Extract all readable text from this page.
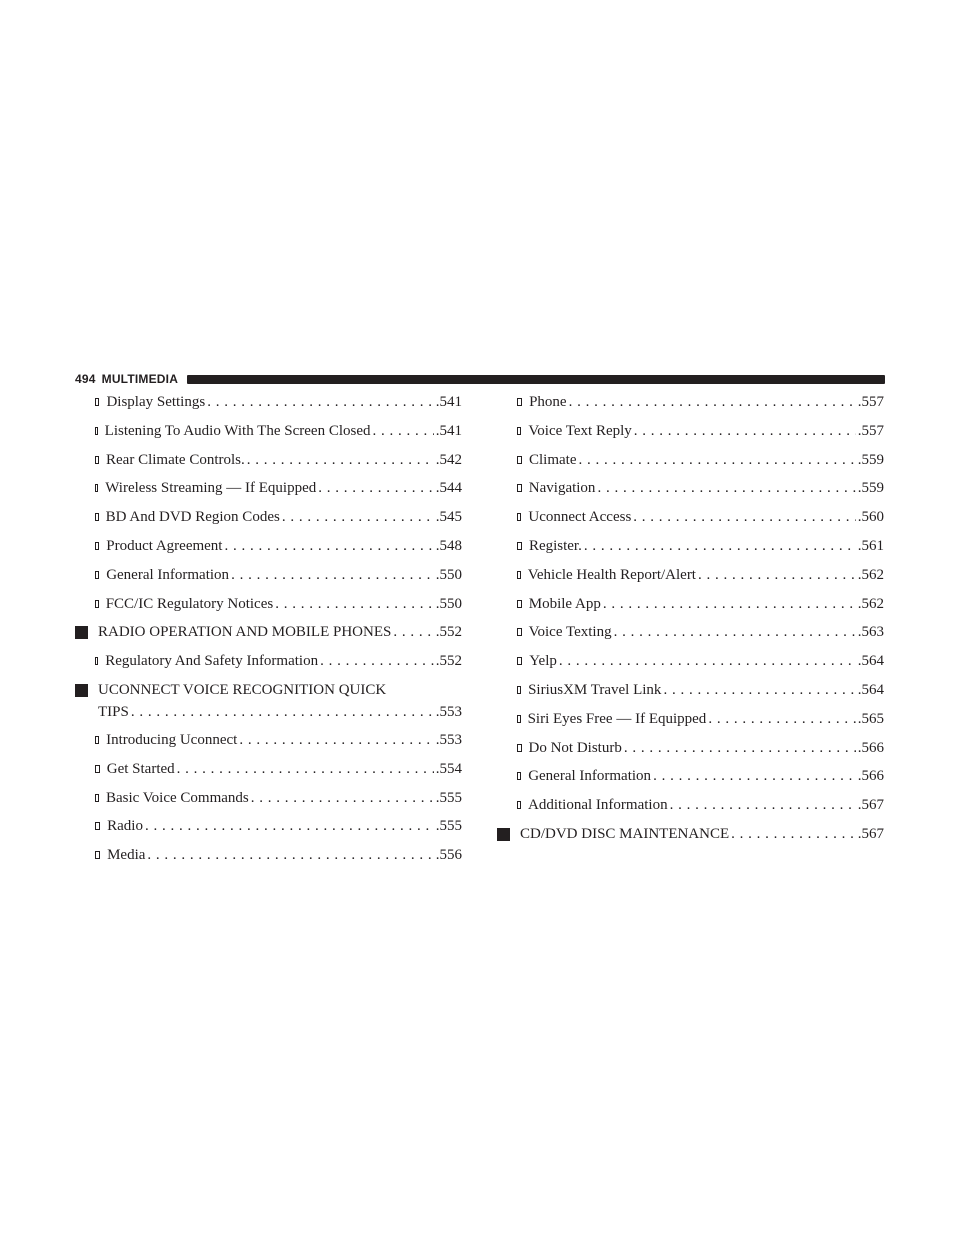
494 MULTIMEDIA
Display Settings . . .	.541
Listening To Audio With The Screen Closed . . .	.541
Rear Climate Controls. . . .	.542
Wireless Streaming — If Equipped . . .	.544
BD And DVD Region Codes . . .	.545
Product Agreement . . .	.548
General Information . . .	.550
FCC/IC Regulatory Notices . . .	.550
RADIO OPERATION AND MOBILE PHONES . . .	.552
Regulatory And Safety Information . . .	.552
UCONNECT VOICE RECOGNITION QUICK
TIPS . . .	.553
Introducing Uconnect . . .	.553
Get Started . . .	.554
Basic Voice Commands . . .	.555
Radio . . .	.555
Media . . .	.556
Phone . . .	.557
Voice Text Reply . . .	.557
Climate . . .	.559
Navigation . . .	.559
Uconnect Access . . .	.560
Register. . . .	.561
Vehicle Health Report/Alert . . .	.562
Mobile App . . .	.562
Voice Texting . . .	.563
Yelp . . .	.564
SiriusXM Travel Link . . .	.564
Siri Eyes Free — If Equipped . . .	.565
Do Not Disturb . . .	.566
General Information . . .	.566
Additional Information . . .	.567
CD/DVD DISC MAINTENANCE . . .	.567
